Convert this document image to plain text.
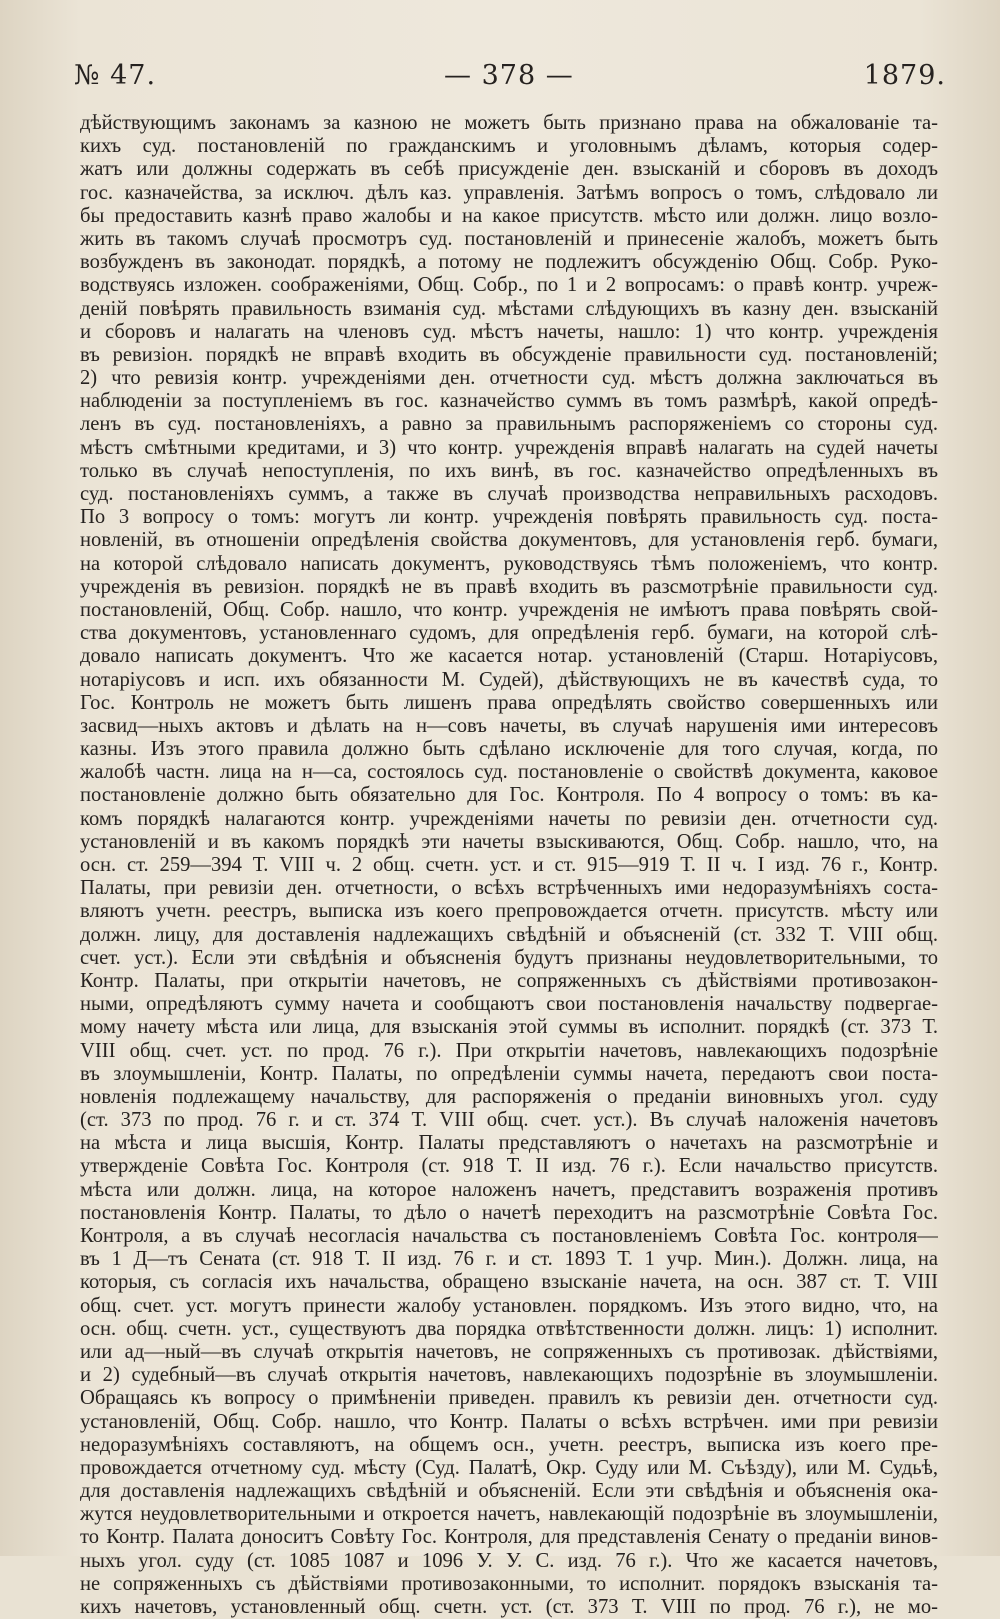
№ 47.	— 378 —	1879.
дѣйствующимъ законамъ за казною не можетъ быть признано права на обжалованіе та-
кихъ суд. постановленій по гражданскимъ и уголовнымъ дѣламъ, которыя содер-
жатъ или должны содержать въ себѣ присужденіе ден. взысканій и сборовъ въ доходъ
гос. казначейства, за исключ. дѣлъ каз. управленія. Затѣмъ вопросъ о томъ, слѣдовало ли
бы предоставить казнѣ право жалобы и на какое присутств. мѣсто или должн. лицо возло-
жить въ такомъ случаѣ просмотръ суд. постановленій и принесеніе жалобъ, можетъ быть
возбужденъ въ законодат. порядкѣ, а потому не подлежитъ обсужденію Общ. Собр. Руко-
водствуясь изложен. соображеніями, Общ. Собр., по 1 и 2 вопросамъ: о правѣ контр. учреж-
деній повѣрять правильность взиманія суд. мѣстами слѣдующихъ въ казну ден. взысканій
и сборовъ и налагать на членовъ суд. мѣстъ начеты, нашло: 1) что контр. учрежденія
въ ревизіон. порядкѣ не вправѣ входить въ обсужденіе правильности суд. постановленій;
2) что ревизія контр. учрежденіями ден. отчетности суд. мѣстъ должна заключаться въ
наблюденіи за поступленіемъ въ гос. казначейство суммъ въ томъ размѣрѣ, какой опредѣ-
ленъ въ суд. постановленіяхъ, а равно за правильнымъ распоряженіемъ со стороны суд.
мѣстъ смѣтными кредитами, и 3) что контр. учрежденія вправѣ налагать на судей начеты
только въ случаѣ непоступленія, по ихъ винѣ, въ гос. казначейство опредѣленныхъ въ
суд. постановленіяхъ суммъ, а также въ случаѣ производства неправильныхъ расходовъ.
По 3 вопросу о томъ: могутъ ли контр. учрежденія повѣрять правильность суд. поста-
новленій, въ отношеніи опредѣленія свойства документовъ, для установленія герб. бумаги,
на которой слѣдовало написать документъ, руководствуясь тѣмъ положеніемъ, что контр.
учрежденія въ ревизіон. порядкѣ не въ правѣ входить въ разсмотрѣніе правильности суд.
постановленій, Общ. Собр. нашло, что контр. учрежденія не имѣютъ права повѣрять свой-
ства документовъ, установленнаго судомъ, для опредѣленія герб. бумаги, на которой слѣ-
довало написать документъ. Что же касается нотар. установленій (Старш. Нотаріусовъ,
нотаріусовъ и исп. ихъ обязанности М. Судей), дѣйствующихъ не въ качествѣ суда, то
Гос. Контроль не можетъ быть лишенъ права опредѣлять свойство совершенныхъ или
засвид—ныхъ актовъ и дѣлать на н—совъ начеты, въ случаѣ нарушенія ими интересовъ
казны. Изъ этого правила должно быть сдѣлано исключеніе для того случая, когда, по
жалобѣ частн. лица на н—са, состоялось суд. постановленіе о свойствѣ документа, каковое
постановленіе должно быть обязательно для Гос. Контроля. По 4 вопросу о томъ: въ ка-
комъ порядкѣ налагаются контр. учрежденіями начеты по ревизіи ден. отчетности суд.
установленій и въ какомъ порядкѣ эти начеты взыскиваются, Общ. Собр. нашло, что, на
осн. ст. 259—394 Т. VIII ч. 2 общ. счетн. уст. и ст. 915—919 Т. II ч. I изд. 76 г., Контр.
Палаты, при ревизіи ден. отчетности, о всѣхъ встрѣченныхъ ими недоразумѣніяхъ соста-
вляютъ учетн. реестръ, выписка изъ коего препровождается отчетн. присутств. мѣсту или
должн. лицу, для доставленія надлежащихъ свѣдѣній и объясненій (ст. 332 Т. VIII общ.
счет. уст.). Если эти свѣдѣнія и объясненія будутъ признаны неудовлетворительными, то
Контр. Палаты, при открытіи начетовъ, не сопряженныхъ съ дѣйствіями противозакон-
ными, опредѣляютъ сумму начета и сообщаютъ свои постановленія начальству подвергае-
мому начету мѣста или лица, для взысканія этой суммы въ исполнит. порядкѣ (ст. 373 Т.
VIII общ. счет. уст. по прод. 76 г.). При открытіи начетовъ, навлекающихъ подозрѣніе
въ злоумышленіи, Контр. Палаты, по опредѣленіи суммы начета, передаютъ свои поста-
новленія подлежащему начальству, для распоряженія о преданіи виновныхъ угол. суду
(ст. 373 по прод. 76 г. и ст. 374 Т. VIII общ. счет. уст.). Въ случаѣ наложенія начетовъ
на мѣста и лица высшія, Контр. Палаты представляютъ о начетахъ на разсмотрѣніе и
утвержденіе Совѣта Гос. Контроля (ст. 918 Т. II изд. 76 г.). Если начальство присутств.
мѣста или должн. лица, на которое наложенъ начетъ, представитъ возраженія противъ
постановленія Контр. Палаты, то дѣло о начетѣ переходитъ на разсмотрѣніе Совѣта Гос.
Контроля, а въ случаѣ несогласія начальства съ постановленіемъ Совѣта Гос. контроля—
въ 1 Д—тъ Сената (ст. 918 Т. II изд. 76 г. и ст. 1893 Т. 1 учр. Мин.). Должн. лица, на
которыя, съ согласія ихъ начальства, обращено взысканіе начета, на осн. 387 ст. Т. VIII
общ. счет. уст. могутъ принести жалобу установлен. порядкомъ. Изъ этого видно, что, на
осн. общ. счетн. уст., существуютъ два порядка отвѣтственности должн. лицъ: 1) исполнит.
или ад—ный—въ случаѣ открытія начетовъ, не сопряженныхъ съ противозак. дѣйствіями,
и 2) судебный—въ случаѣ открытія начетовъ, навлекающихъ подозрѣніе въ злоумышленіи.
Обращаясь къ вопросу о примѣненіи приведен. правилъ къ ревизіи ден. отчетности суд.
установленій, Общ. Собр. нашло, что Контр. Палаты о всѣхъ встрѣчен. ими при ревизіи
недоразумѣніяхъ составляютъ, на общемъ осн., учетн. реестръ, выписка изъ коего пре-
провождается отчетному суд. мѣсту (Суд. Палатѣ, Окр. Суду или М. Съѣзду), или М. Судьѣ,
для доставленія надлежащихъ свѣдѣній и объясненій. Если эти свѣдѣнія и объясненія ока-
жутся неудовлетворительными и откроется начетъ, навлекающій подозрѣніе въ злоумышленіи,
то Контр. Палата доноситъ Совѣту Гос. Контроля, для представленія Сенату о преданіи винов-
ныхъ угол. суду (ст. 1085 1087 и 1096 У. У. С. изд. 76 г.). Что же касается начетовъ,
не сопряженныхъ съ дѣйствіями противозаконными, то исполнит. порядокъ взысканія та-
кихъ начетовъ, установленный общ. счетн. уст. (ст. 373 Т. VIII по прод. 76 г.), не мо-
